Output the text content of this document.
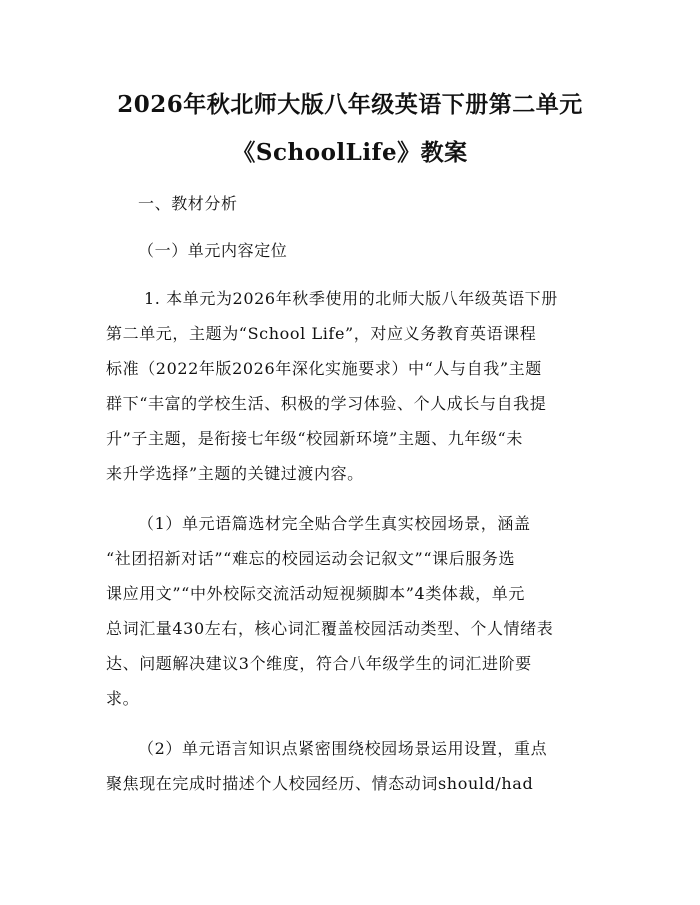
2026年秋北师大版八年级英语下册第二单元
《SchoolLife》教案
一、教材分析
（一）单元内容定位
1. 本单元为2026年秋季使用的北师大版八年级英语下册
第二单元，主题为“School Life”，对应义务教育英语课程
标准（2022年版2026年深化实施要求）中“人与自我”主题
群下“丰富的学校生活、积极的学习体验、个人成长与自我提
升”子主题，是衔接七年级“校园新环境”主题、九年级“未
来升学选择”主题的关键过渡内容。
（1）单元语篇选材完全贴合学生真实校园场景，涵盖
“社团招新对话”“难忘的校园运动会记叙文”“课后服务选
课应用文”“中外校际交流活动短视频脚本”4类体裁，单元
总词汇量430左右，核心词汇覆盖校园活动类型、个人情绪表
达、问题解决建议3个维度，符合八年级学生的词汇进阶要
求。
（2）单元语言知识点紧密围绕校园场景运用设置，重点
聚焦现在完成时描述个人校园经历、情态动词should/had
